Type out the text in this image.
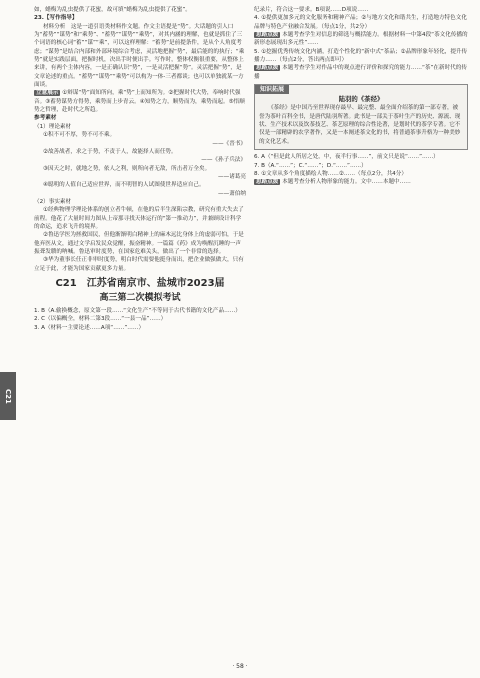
C21

如，蜡梅为乱虫提供了花蜜，故可填“蜡梅为乱虫提供了花蜜”。

23.【写作指导】

材料分析　这是一道引语类材料作文题。作文主语提是“势”。大话题的引人口为“蓄势”“谋势”和“乘势”、“蓄势”“谋势”“乘势”，对其内涵的理解，也就是抓住了三个词语的核心词“蓄”“谋”“乘”，可以这样理解：“蓄势”是前提条件，是从个人角度考虑；“谋势”是结合内部和外部环境综合考虑，灵活地把握“势”，最后能的的执行；“乘势”就是实践层面，把握时机，决出手时便出手。写作时，整体权衡很重要，从整体上来讲，有两个主体内容，一是正确认识“势”，一是灵活把握“势”。灵活把握“势”，是文章论述的重点。“蓄势”“谋势”“乘势”可以构为一体-三者都谈；也可以单独就某一方面谈。

立意展示 ①辩谋“势”面知所向，乘“势”上而知所为。②把握时代大势，奉响时代强音。③蓄势谋势方得势，乘势而上步青云。④知势之力，顺势而为，乘势而起。⑤悟顺势之哲理，赴时代之所趋。

参考素材

（1）理论素材

①积不可不厚，势不可不乘。

——《晋书》

②故善战者，求之于势，不责于人，故能择人而任势。

——《孙子兵法》

③因天之时，就地之势，依人之利，则所向者无敌，所击者万全矣。

——诸葛亮

④聪明的人值自己适应世界，而不明智的人试图使世界适应自己。

——萧伯纳

（2）事实素材

①经典物理学理论体系的创立者牛顿，在他的后半生深陷宗教，研究有重大失去了前程。他花了大量时间力图从上帝那寻找天体运行的“第一推动力”，并兼顾设计科学的命运，追求飞升的境界。

②鲁迅学医为拯救国民，但他渐渐明白精神上的麻木远比身体上的虚弱可怕，于是他弃医从文，通过文学启发民众觉醒，振奋精神。一篇篇《药》成为唤醒沉睡的一声振聋发聩的呐喊。鲁迅审时度势，在国家危难关头，做出了一个非常的选择。

③华为董事长任正非审时度势，明白时代需要他挺身而出，把企业做强做大，只有立足于此，才能为国家贡献更多力量。

C21　江苏省南京市、盐城市2023届
高三第二次模拟考试

1. B（A.偷换概念，原文第一段……“文化生产”不等同于古代书籍的文化产品……）

2. C（以偏概全，材料二第3段……“一县一品”……）

3. A（材料一主要论述……A项“……”……）

纪录片，符合这一要求。B项说……D项说……

4. ①提供更加多元的文化服务和精神产品；②与地方文化和谐共生，打造地方特色文化品牌与特色产业融合发展。（每点1分，共2分）

思路点拨 本题考查学生对信息的筛选与概括能力。根据材料一中第4段“茶文化传播的新形态展现出多元性”……

5. ①挖掘优秀传统文化内涵，打造个性化的“新中式”茶品；②品牌形象年轻化，提升传播力……（每点2分，答出两点即可）

思路点拨 本题考查学生对作品中的观点进行评价和探究的能力……“茶”在新时代的传播

知识拓展
陆羽的《茶经》

《茶经》是中国乃至世界现存最早、最完整、最全面介绍茶的第一部专著，被誉为茶叶百科全书，是唐代陆羽所著。此书是一部关于茶叶生产的历史、源流、现状、生产技术以及饮茶技艺、茶艺原理的综合性论著，是划时代的茶学专著。它不仅是一部精辟的农学著作，又是一本阐述茶文化的书，将普通茶事升格为一种美妙的文化艺术。

6. A（“但是此人所居之处，中，夜半行事……”，前文只是说“……”……）

7. B（A.“……”；C.“……”；D.“……”……）

8. ①文章从多个角度描绘人物……②……（每点2分，共4分）

思路点拨 本题考查分析人物形象的能力。文中……本题中……

· 58 ·
